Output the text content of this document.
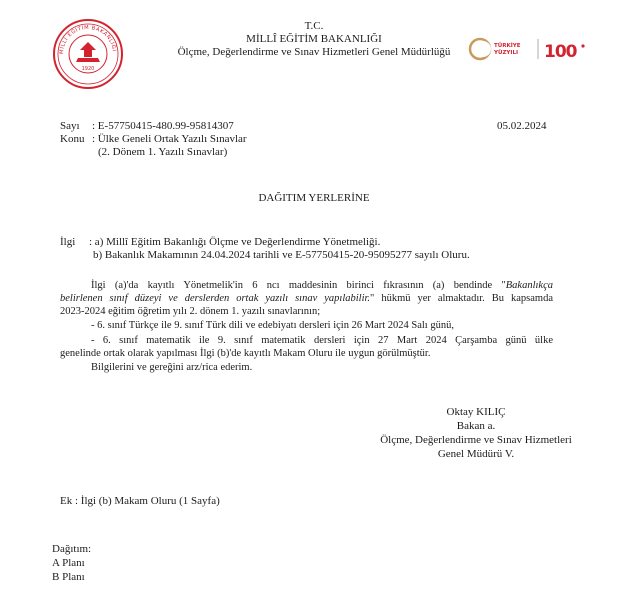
MİLLÎ EĞİTİM BAKANLIĞI
1920
T.C.
MİLLÎ EĞİTİM BAKANLIĞI
Ölçme, Değerlendirme ve Sınav Hizmetleri Genel Müdürlüğü	TÜRKİYE
YÜZYILI 100
Sayı : E-57750415-480.99-95814307	05.02.2024
Konu : Ülke Geneli Ortak Yazılı Sınavlar
(2. Dönem 1. Yazılı Sınavlar)
DAĞITIM YERLERİNE
İlgi : a) Millî Eğitim Bakanlığı Ölçme ve Değerlendirme Yönetmeliği.
b) Bakanlık Makamının 24.04.2024 tarihli ve E-57750415-20-95095277 sayılı Oluru.
İlgi (a)'da kayıtlı Yönetmelik'in 6 ncı maddesinin birinci fıkrasının (a) bendinde "Bakanlıkça
belirlenen sınıf düzeyi ve derslerden ortak yazılı sınav yapılabilir." hükmü yer almaktadır. Bu kapsamda
2023-2024 eğitim öğretim yılı 2. dönem 1. yazılı sınavlarının;
- 6. sınıf Türkçe ile 9. sınıf Türk dili ve edebiyatı dersleri için 26 Mart 2024 Salı günü,
- 6. sınıf matematik ile 9. sınıf matematik dersleri için 27 Mart 2024 Çarşamba günü ülke
genelinde ortak olarak yapılması İlgi (b)'de kayıtlı Makam Oluru ile uygun görülmüştür.
Bilgilerini ve gereğini arz/rica ederim.
Oktay KILIÇ
Bakan a.
Ölçme, Değerlendirme ve Sınav Hizmetleri
Genel Müdürü V.
Ek : İlgi (b) Makam Oluru (1 Sayfa)
Dağıtım:
A Planı
B Planı
